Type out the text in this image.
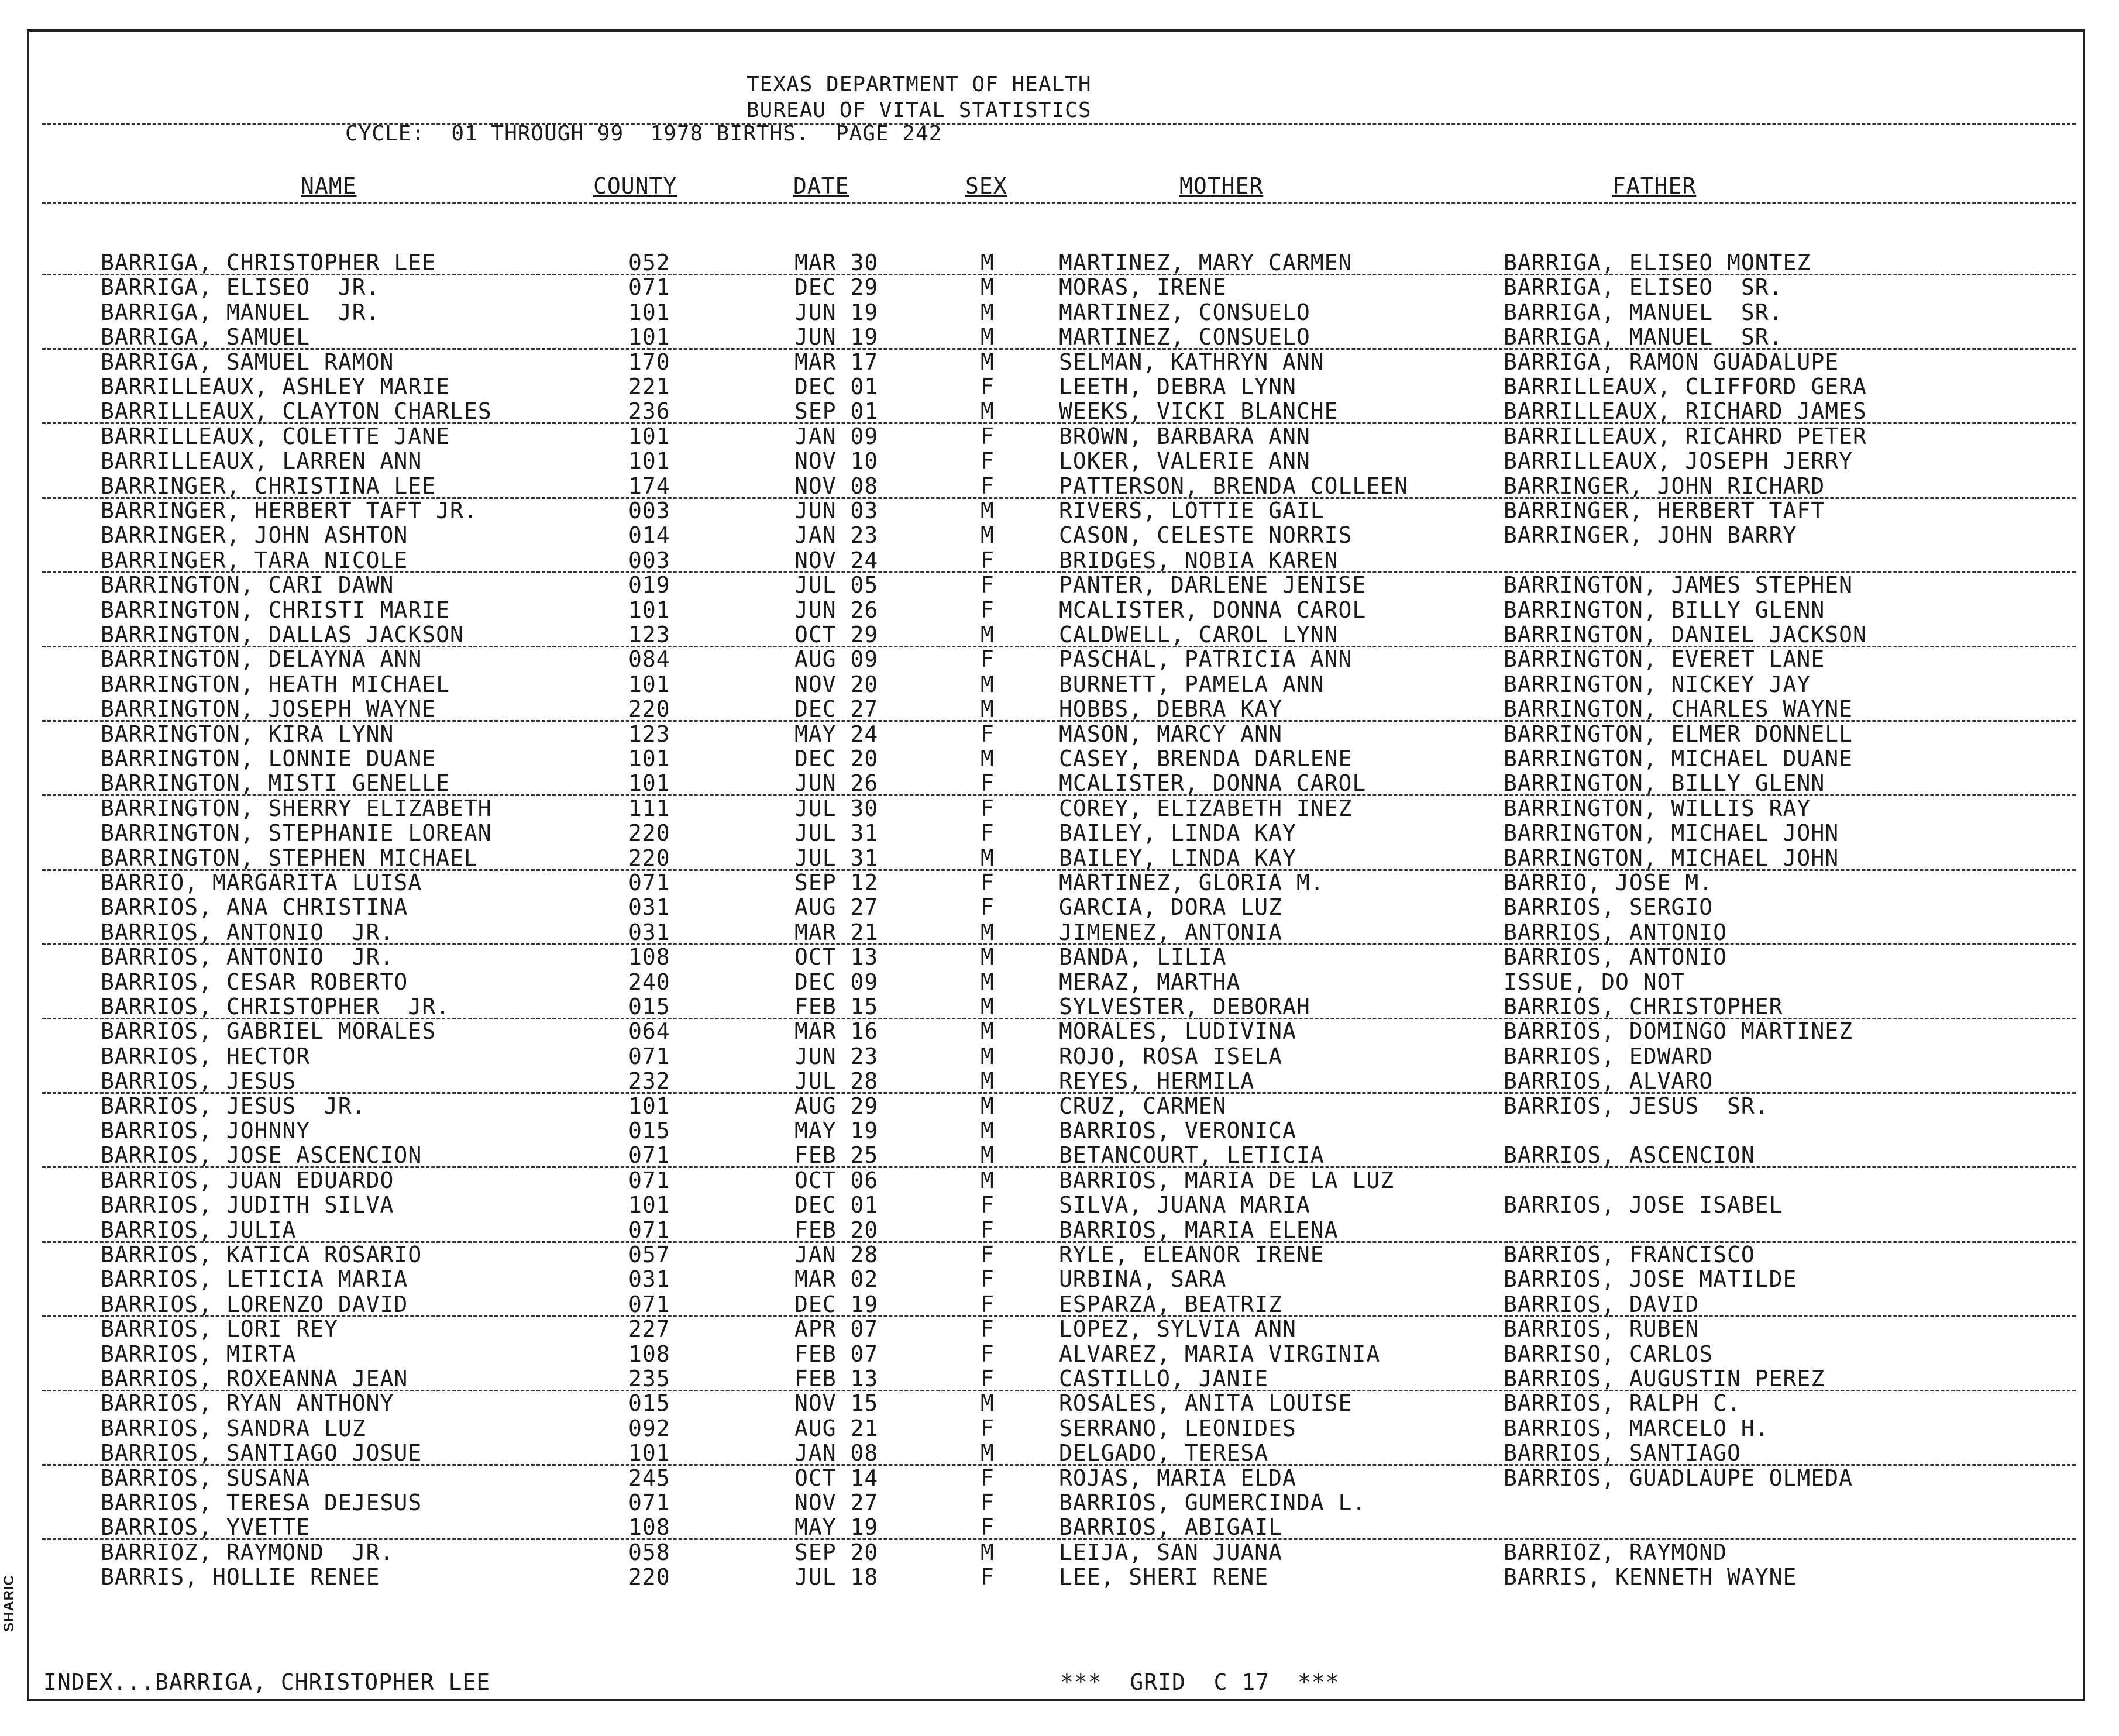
TEXAS DEPARTMENT OF HEALTH
BUREAU OF VITAL STATISTICS
CYCLE:  01 THROUGH 99  1978 BIRTHS.  PAGE 242
NAME	COUNTY	DATE	SEX	MOTHER	FATHER
BARRIGA, CHRISTOPHER LEE	052	MAR 30	M	MARTINEZ, MARY CARMEN	BARRIGA, ELISEO MONTEZ
BARRIGA, ELISEO  JR.	071	DEC 29	M	MORAS, IRENE	BARRIGA, ELISEO  SR.
BARRIGA, MANUEL  JR.	101	JUN 19	M	MARTINEZ, CONSUELO	BARRIGA, MANUEL  SR.
BARRIGA, SAMUEL	101	JUN 19	M	MARTINEZ, CONSUELO	BARRIGA, MANUEL  SR.
BARRIGA, SAMUEL RAMON	170	MAR 17	M	SELMAN, KATHRYN ANN	BARRIGA, RAMON GUADALUPE
BARRILLEAUX, ASHLEY MARIE	221	DEC 01	F	LEETH, DEBRA LYNN	BARRILLEAUX, CLIFFORD GERA
BARRILLEAUX, CLAYTON CHARLES	236	SEP 01	M	WEEKS, VICKI BLANCHE	BARRILLEAUX, RICHARD JAMES
BARRILLEAUX, COLETTE JANE	101	JAN 09	F	BROWN, BARBARA ANN	BARRILLEAUX, RICAHRD PETER
BARRILLEAUX, LARREN ANN	101	NOV 10	F	LOKER, VALERIE ANN	BARRILLEAUX, JOSEPH JERRY
BARRINGER, CHRISTINA LEE	174	NOV 08	F	PATTERSON, BRENDA COLLEEN	BARRINGER, JOHN RICHARD
BARRINGER, HERBERT TAFT JR.	003	JUN 03	M	RIVERS, LOTTIE GAIL	BARRINGER, HERBERT TAFT
BARRINGER, JOHN ASHTON	014	JAN 23	M	CASON, CELESTE NORRIS	BARRINGER, JOHN BARRY
BARRINGER, TARA NICOLE	003	NOV 24	F	BRIDGES, NOBIA KAREN
BARRINGTON, CARI DAWN	019	JUL 05	F	PANTER, DARLENE JENISE	BARRINGTON, JAMES STEPHEN
BARRINGTON, CHRISTI MARIE	101	JUN 26	F	MCALISTER, DONNA CAROL	BARRINGTON, BILLY GLENN
BARRINGTON, DALLAS JACKSON	123	OCT 29	M	CALDWELL, CAROL LYNN	BARRINGTON, DANIEL JACKSON
BARRINGTON, DELAYNA ANN	084	AUG 09	F	PASCHAL, PATRICIA ANN	BARRINGTON, EVERET LANE
BARRINGTON, HEATH MICHAEL	101	NOV 20	M	BURNETT, PAMELA ANN	BARRINGTON, NICKEY JAY
BARRINGTON, JOSEPH WAYNE	220	DEC 27	M	HOBBS, DEBRA KAY	BARRINGTON, CHARLES WAYNE
BARRINGTON, KIRA LYNN	123	MAY 24	F	MASON, MARCY ANN	BARRINGTON, ELMER DONNELL
BARRINGTON, LONNIE DUANE	101	DEC 20	M	CASEY, BRENDA DARLENE	BARRINGTON, MICHAEL DUANE
BARRINGTON, MISTI GENELLE	101	JUN 26	F	MCALISTER, DONNA CAROL	BARRINGTON, BILLY GLENN
BARRINGTON, SHERRY ELIZABETH	111	JUL 30	F	COREY, ELIZABETH INEZ	BARRINGTON, WILLIS RAY
BARRINGTON, STEPHANIE LOREAN	220	JUL 31	F	BAILEY, LINDA KAY	BARRINGTON, MICHAEL JOHN
BARRINGTON, STEPHEN MICHAEL	220	JUL 31	M	BAILEY, LINDA KAY	BARRINGTON, MICHAEL JOHN
BARRIO, MARGARITA LUISA	071	SEP 12	F	MARTINEZ, GLORIA M.	BARRIO, JOSE M.
BARRIOS, ANA CHRISTINA	031	AUG 27	F	GARCIA, DORA LUZ	BARRIOS, SERGIO
BARRIOS, ANTONIO  JR.	031	MAR 21	M	JIMENEZ, ANTONIA	BARRIOS, ANTONIO
BARRIOS, ANTONIO  JR.	108	OCT 13	M	BANDA, LILIA	BARRIOS, ANTONIO
BARRIOS, CESAR ROBERTO	240	DEC 09	M	MERAZ, MARTHA	ISSUE, DO NOT
BARRIOS, CHRISTOPHER  JR.	015	FEB 15	M	SYLVESTER, DEBORAH	BARRIOS, CHRISTOPHER
BARRIOS, GABRIEL MORALES	064	MAR 16	M	MORALES, LUDIVINA	BARRIOS, DOMINGO MARTINEZ
BARRIOS, HECTOR	071	JUN 23	M	ROJO, ROSA ISELA	BARRIOS, EDWARD
BARRIOS, JESUS	232	JUL 28	M	REYES, HERMILA	BARRIOS, ALVARO
BARRIOS, JESUS  JR.	101	AUG 29	M	CRUZ, CARMEN	BARRIOS, JESUS  SR.
BARRIOS, JOHNNY	015	MAY 19	M	BARRIOS, VERONICA
BARRIOS, JOSE ASCENCION	071	FEB 25	M	BETANCOURT, LETICIA	BARRIOS, ASCENCION
BARRIOS, JUAN EDUARDO	071	OCT 06	M	BARRIOS, MARIA DE LA LUZ
BARRIOS, JUDITH SILVA	101	DEC 01	F	SILVA, JUANA MARIA	BARRIOS, JOSE ISABEL
BARRIOS, JULIA	071	FEB 20	F	BARRIOS, MARIA ELENA
BARRIOS, KATICA ROSARIO	057	JAN 28	F	RYLE, ELEANOR IRENE	BARRIOS, FRANCISCO
BARRIOS, LETICIA MARIA	031	MAR 02	F	URBINA, SARA	BARRIOS, JOSE MATILDE
BARRIOS, LORENZO DAVID	071	DEC 19	F	ESPARZA, BEATRIZ	BARRIOS, DAVID
BARRIOS, LORI REY	227	APR 07	F	LOPEZ, SYLVIA ANN	BARRIOS, RUBEN
BARRIOS, MIRTA	108	FEB 07	F	ALVAREZ, MARIA VIRGINIA	BARRISO, CARLOS
BARRIOS, ROXEANNA JEAN	235	FEB 13	F	CASTILLO, JANIE	BARRIOS, AUGUSTIN PEREZ
BARRIOS, RYAN ANTHONY	015	NOV 15	M	ROSALES, ANITA LOUISE	BARRIOS, RALPH C.
BARRIOS, SANDRA LUZ	092	AUG 21	F	SERRANO, LEONIDES	BARRIOS, MARCELO H.
BARRIOS, SANTIAGO JOSUE	101	JAN 08	M	DELGADO, TERESA	BARRIOS, SANTIAGO
BARRIOS, SUSANA	245	OCT 14	F	ROJAS, MARIA ELDA	BARRIOS, GUADLAUPE OLMEDA
BARRIOS, TERESA DEJESUS	071	NOV 27	F	BARRIOS, GUMERCINDA L.
BARRIOS, YVETTE	108	MAY 19	F	BARRIOS, ABIGAIL
BARRIOZ, RAYMOND  JR.	058	SEP 20	M	LEIJA, SAN JUANA	BARRIOZ, RAYMOND
BARRIS, HOLLIE RENEE	220	JUL 18	F	LEE, SHERI RENE	BARRIS, KENNETH WAYNE
INDEX...BARRIGA, CHRISTOPHER LEE	***  GRID  C 17  ***
SHARIC
